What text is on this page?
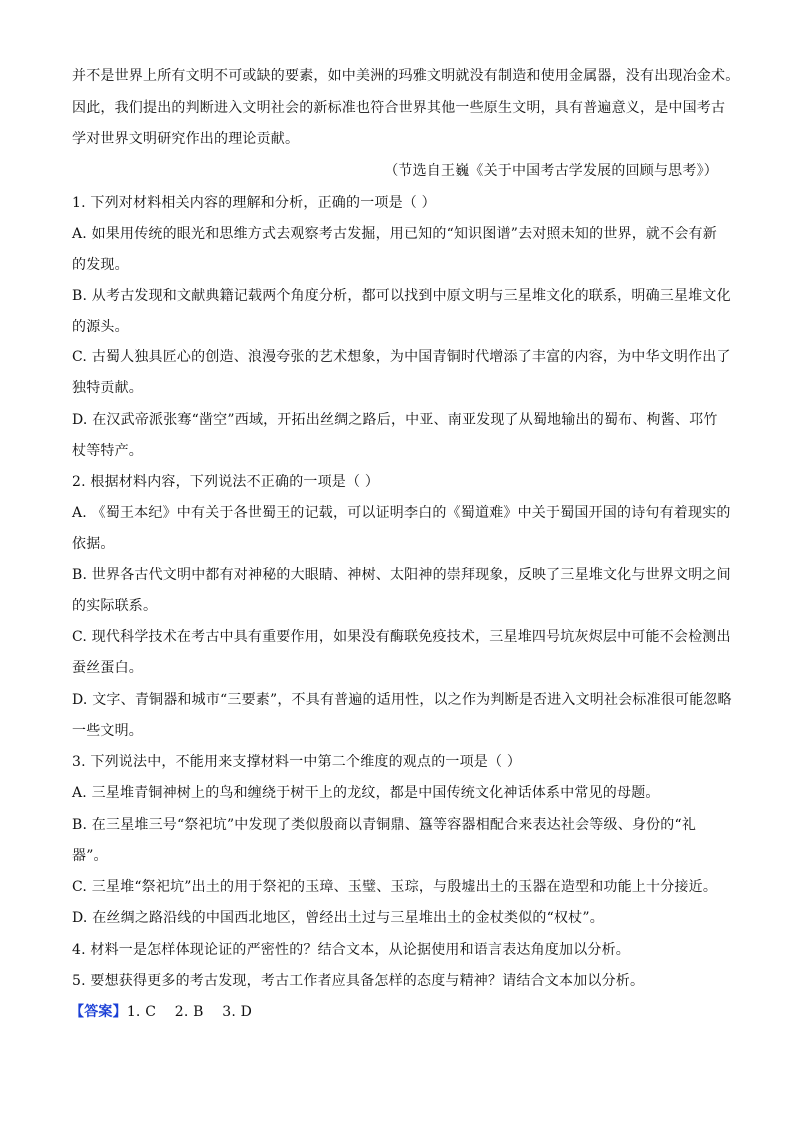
并不是世界上所有文明不可或缺的要素，如中美洲的玛雅文明就没有制造和使用金属器，没有出现冶金术。
因此，我们提出的判断进入文明社会的新标准也符合世界其他一些原生文明，具有普遍意义，是中国考古
学对世界文明研究作出的理论贡献。
（节选自王巍《关于中国考古学发展的回顾与思考》）
1. 下列对材料相关内容的理解和分析，正确的一项是（ ）
A. 如果用传统的眼光和思维方式去观察考古发掘，用已知的“知识图谱”去对照未知的世界，就不会有新
的发现。
B. 从考古发现和文献典籍记载两个角度分析，都可以找到中原文明与三星堆文化的联系，明确三星堆文化
的源头。
C. 古蜀人独具匠心的创造、浪漫夸张的艺术想象，为中国青铜时代增添了丰富的内容，为中华文明作出了
独特贡献。
D. 在汉武帝派张骞“凿空”西域，开拓出丝绸之路后，中亚、南亚发现了从蜀地输出的蜀布、枸酱、邛竹
杖等特产。
2. 根据材料内容，下列说法不正确的一项是（ ）
A. 《蜀王本纪》中有关于各世蜀王的记载，可以证明李白的《蜀道难》中关于蜀国开国的诗句有着现实的
依据。
B. 世界各古代文明中都有对神秘的大眼睛、神树、太阳神的崇拜现象，反映了三星堆文化与世界文明之间
的实际联系。
C. 现代科学技术在考古中具有重要作用，如果没有酶联免疫技术，三星堆四号坑灰烬层中可能不会检测出
蚕丝蛋白。
D. 文字、青铜器和城市“三要素”，不具有普遍的适用性，以之作为判断是否进入文明社会标准很可能忽略
一些文明。
3. 下列说法中，不能用来支撑材料一中第二个维度的观点的一项是（ ）
A. 三星堆青铜神树上的鸟和缠绕于树干上的龙纹，都是中国传统文化神话体系中常见的母题。
B. 在三星堆三号“祭祀坑”中发现了类似殷商以青铜鼎、簋等容器相配合来表达社会等级、身份的“礼
器”。
C. 三星堆“祭祀坑”出土的用于祭祀的玉璋、玉璧、玉琮，与殷墟出土的玉器在造型和功能上十分接近。
D. 在丝绸之路沿线的中国西北地区，曾经出土过与三星堆出土的金杖类似的“权杖”。
4. 材料一是怎样体现论证的严密性的？结合文本，从论据使用和语言表达角度加以分析。
5. 要想获得更多的考古发现，考古工作者应具备怎样的态度与精神？请结合文本加以分析。
【答案】1. C    2. B    3. D
